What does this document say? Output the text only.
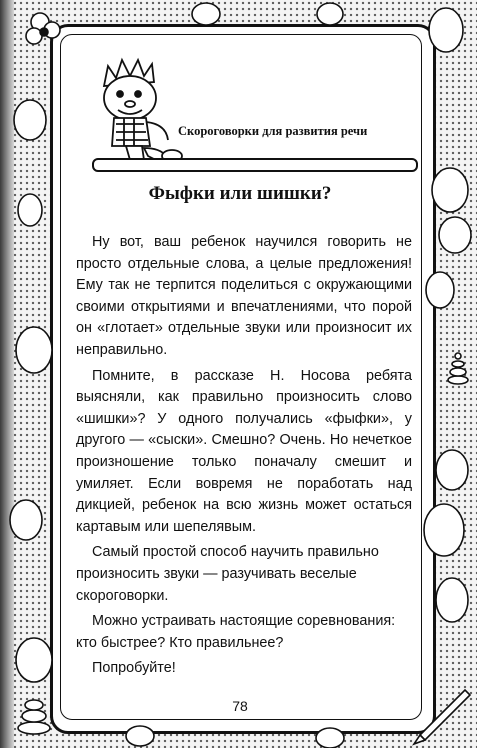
Скороговорки для развития речи
Фыфки или шишки?

Ну вот, ваш ребенок научился говорить не просто отдельные слова, а целые предложения! Ему так не терпится поделиться с окружающими своими открытиями и впечатлениями, что порой он «глотает» отдельные звуки или произносит их неправильно.

Помните, в рассказе Н. Носова ребята выясняли, как правильно произносить слово «шишки»? У одного получались «фыфки», у другого — «сыски». Смешно? Очень. Но нечеткое произношение только поначалу смешит и умиляет. Если вовремя не поработать над дикцией, ребенок на всю жизнь может остаться картавым или шепелявым.

Самый простой способ научить правильно произносить звуки — разучивать веселые скороговорки.

Можно устраивать настоящие соревнования: кто быстрее? Кто правильнее?

Попробуйте!

78
